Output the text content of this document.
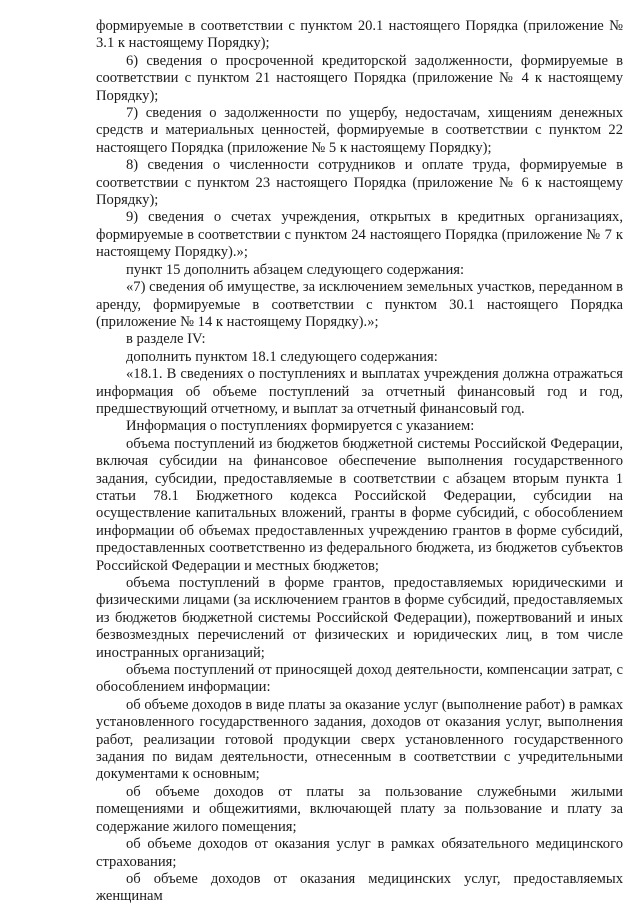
формируемые в соответствии с пунктом 20.1 настоящего Порядка (приложение № 3.1 к настоящему Порядку);

6) сведения о просроченной кредиторской задолженности, формируемые в соответствии с пунктом 21 настоящего Порядка (приложение № 4 к настоящему Порядку);

7) сведения о задолженности по ущербу, недостачам, хищениям денежных средств и материальных ценностей, формируемые в соответствии с пунктом 22 настоящего Порядка (приложение № 5 к настоящему Порядку);

8) сведения о численности сотрудников и оплате труда, формируемые в соответствии с пунктом 23 настоящего Порядка (приложение № 6 к настоящему Порядку);

9) сведения о счетах учреждения, открытых в кредитных организациях, формируемые в соответствии с пунктом 24 настоящего Порядка (приложение № 7 к настоящему Порядку).»;

пункт 15 дополнить абзацем следующего содержания:

«7) сведения об имуществе, за исключением земельных участков, переданном в аренду, формируемые в соответствии с пунктом 30.1 настоящего Порядка (приложение № 14 к настоящему Порядку).»;

в разделе IV:

дополнить пунктом 18.1 следующего содержания:

«18.1. В сведениях о поступлениях и выплатах учреждения должна отражаться информация об объеме поступлений за отчетный финансовый год и год, предшествующий отчетному, и выплат за отчетный финансовый год.

Информация о поступлениях формируется с указанием:

объема поступлений из бюджетов бюджетной системы Российской Федерации, включая субсидии на финансовое обеспечение выполнения государственного задания, субсидии, предоставляемые в соответствии с абзацем вторым пункта 1 статьи 78.1 Бюджетного кодекса Российской Федерации, субсидии на осуществление капитальных вложений, гранты в форме субсидий, с обособлением информации об объемах предоставленных учреждению грантов в форме субсидий, предоставленных соответственно из федерального бюджета, из бюджетов субъектов Российской Федерации и местных бюджетов;

объема поступлений в форме грантов, предоставляемых юридическими и физическими лицами (за исключением грантов в форме субсидий, предоставляемых из бюджетов бюджетной системы Российской Федерации), пожертвований и иных безвозмездных перечислений от физических и юридических лиц, в том числе иностранных организаций;

объема поступлений от приносящей доход деятельности, компенсации затрат, с обособлением информации:

об объеме доходов в виде платы за оказание услуг (выполнение работ) в рамках установленного государственного задания, доходов от оказания услуг, выполнения работ, реализации готовой продукции сверх установленного государственного задания по видам деятельности, отнесенным в соответствии с учредительными документами к основным;

об объеме доходов от платы за пользование служебными жилыми помещениями и общежитиями, включающей плату за пользование и плату за содержание жилого помещения;

об объеме доходов от оказания услуг в рамках обязательного медицинского страхования;

об объеме доходов от оказания медицинских услуг, предоставляемых женщинам
